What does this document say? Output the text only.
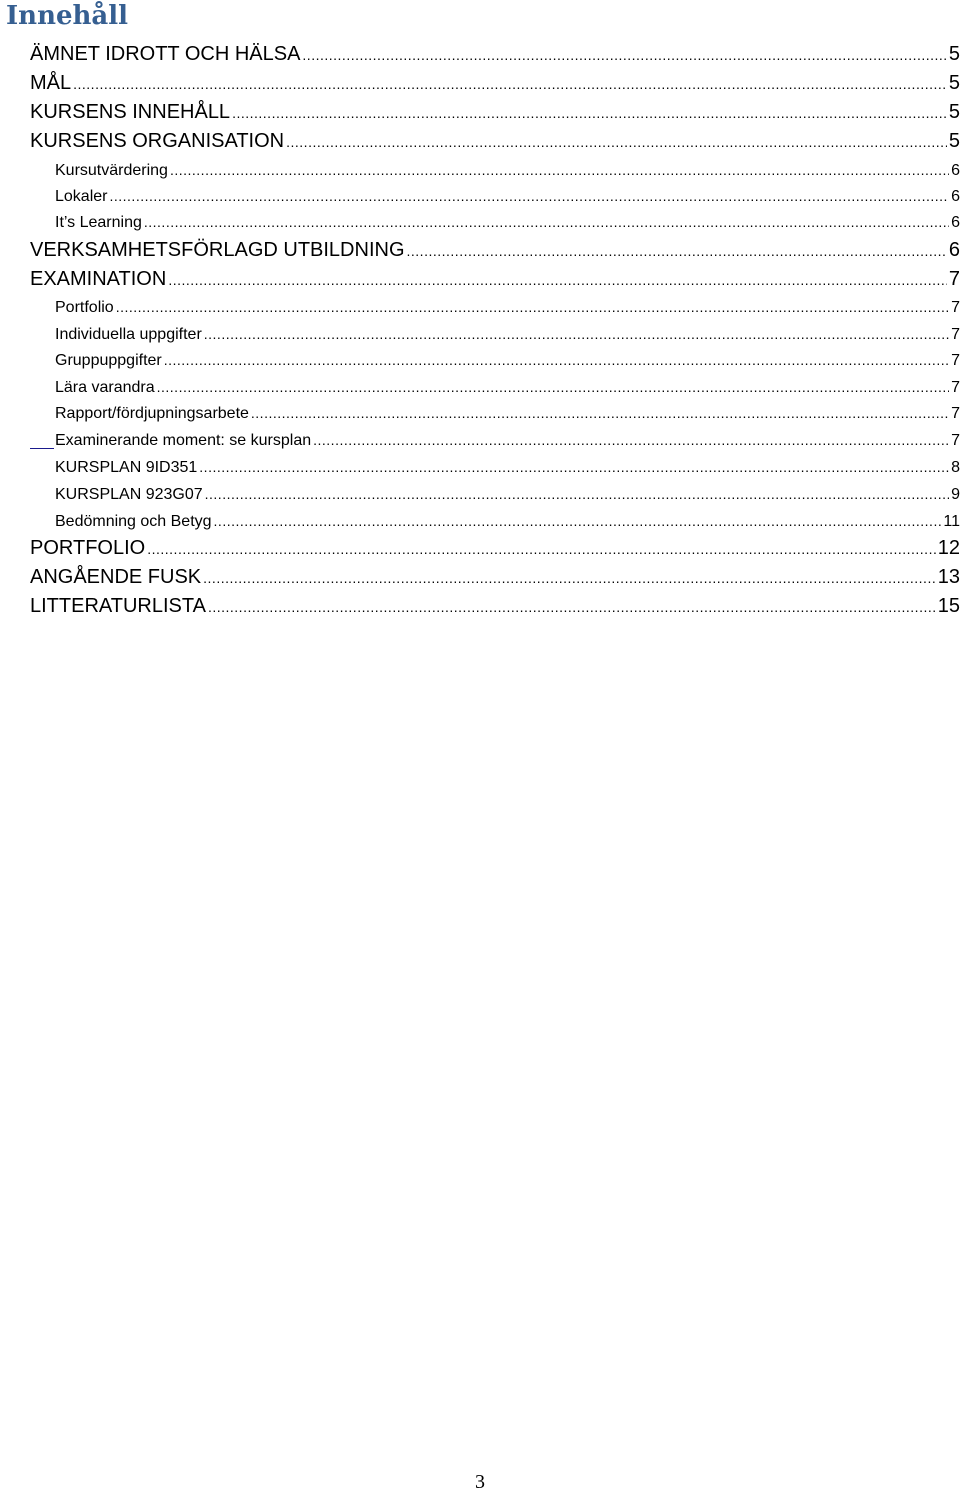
Innehåll
ÄMNET IDROTT OCH HÄLSA .....	5
MÅL .....	5
KURSENS INNEHÅLL .....	5
KURSENS ORGANISATION .....	5
Kursutvärdering .....	6
Lokaler .....	6
It’s Learning .....	6
VERKSAMHETSFÖRLAGD UTBILDNING .....	6
EXAMINATION .....	7
Portfolio .....	7
Individuella uppgifter .....	7
Gruppuppgifter .....	7
Lära varandra .....	7
Rapport/fördjupningsarbete .....	7
Examinerande moment: se kursplan .....	7
KURSPLAN 9ID351 .....	8
KURSPLAN 923G07 .....	9
Bedömning och Betyg .....	11
PORTFOLIO .....	12
ANGÅENDE FUSK .....	13
LITTERATURLISTA .....	15
3
